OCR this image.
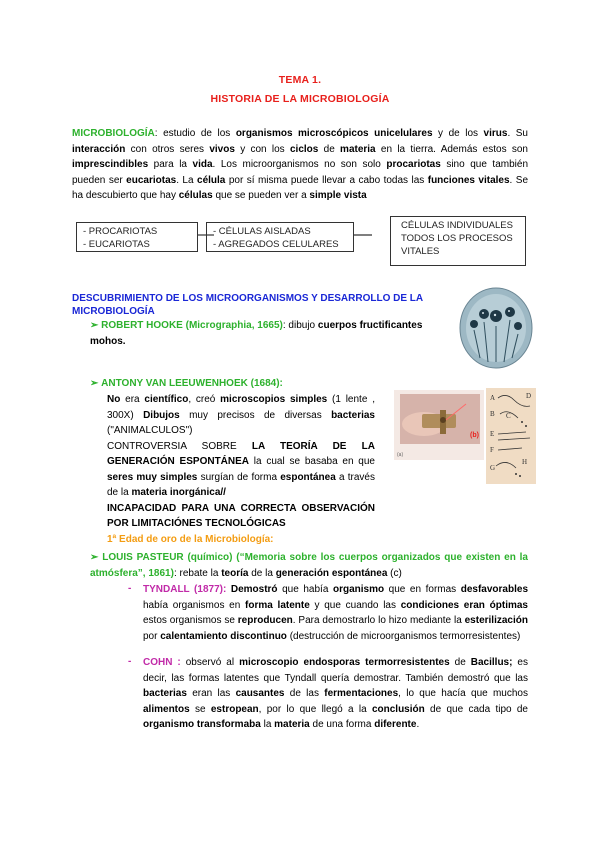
TEMA 1.
HISTORIA DE LA MICROBIOLOGÍA
MICROBIOLOGÍA: estudio de los organismos microscópicos unicelulares y de los virus. Su interacción con otros seres vivos y con los ciclos de materia en la tierra. Además estos son imprescindibles para la vida. Los microorganismos no son solo procariotas sino que también pueden ser eucariotas. La célula por sí misma puede llevar a cabo todas las funciones vitales. Se ha descubierto que hay células que se pueden ver a simple vista
- PROCARIOTAS
- EUCARIOTAS
- CÉLULAS AISLADAS
- AGREGADOS CELULARES
CÉLULAS INDIVIDUALES
TODOS LOS PROCESOS
VITALES
DESCUBRIMIENTO DE LOS MICROORGANISMOS Y DESARROLLO DE LA MICROBIOLOGÍA
➢ ROBERT HOOKE (Micrographia, 1665): dibujo cuerpos fructificantes mohos.
➢ ANTONY VAN LEEUWENHOEK (1684):
No era científico, creó microscopios simples (1 lente , 300X) Dibujos muy precisos de diversas bacterias ("ANIMALCULOS")
CONTROVERSIA SOBRE LA TEORÍA DE LA GENERACIÓN ESPONTÁNEA la cual se basaba en que seres muy simples surgían de forma espontánea a través de la materia inorgánica//
INCAPACIDAD PARA UNA CORRECTA OBSERVACIÓN POR LIMITACIÓNES TECNOLÓGICAS
(a)
(b)
A	D
B C
E
F
G
H
1ª Edad de oro de la Microbiología:
➢ LOUIS PASTEUR (químico) (“Memoria sobre los cuerpos organizados que existen en la atmósfera”, 1861): rebate la teoría de la generación espontánea (c)
- TYNDALL (1877): Demostró que había organismo que en formas desfavorables había organismos en forma latente y que cuando las condiciones eran óptimas estos organismos se reproducen. Para demostrarlo lo hizo mediante la esterilización por calentamiento discontinuo (destrucción de microorganismos termorresistentes)
- COHN : observó al microscopio endosporas termorresistentes de Bacillus; es decir, las formas latentes que Tyndall quería demostrar. También demostró que las bacterias eran las causantes de las fermentaciones, lo que hacía que muchos alimentos se estropean, por lo que llegó a la conclusión de que cada tipo de organismo transformaba la materia de una forma diferente.
